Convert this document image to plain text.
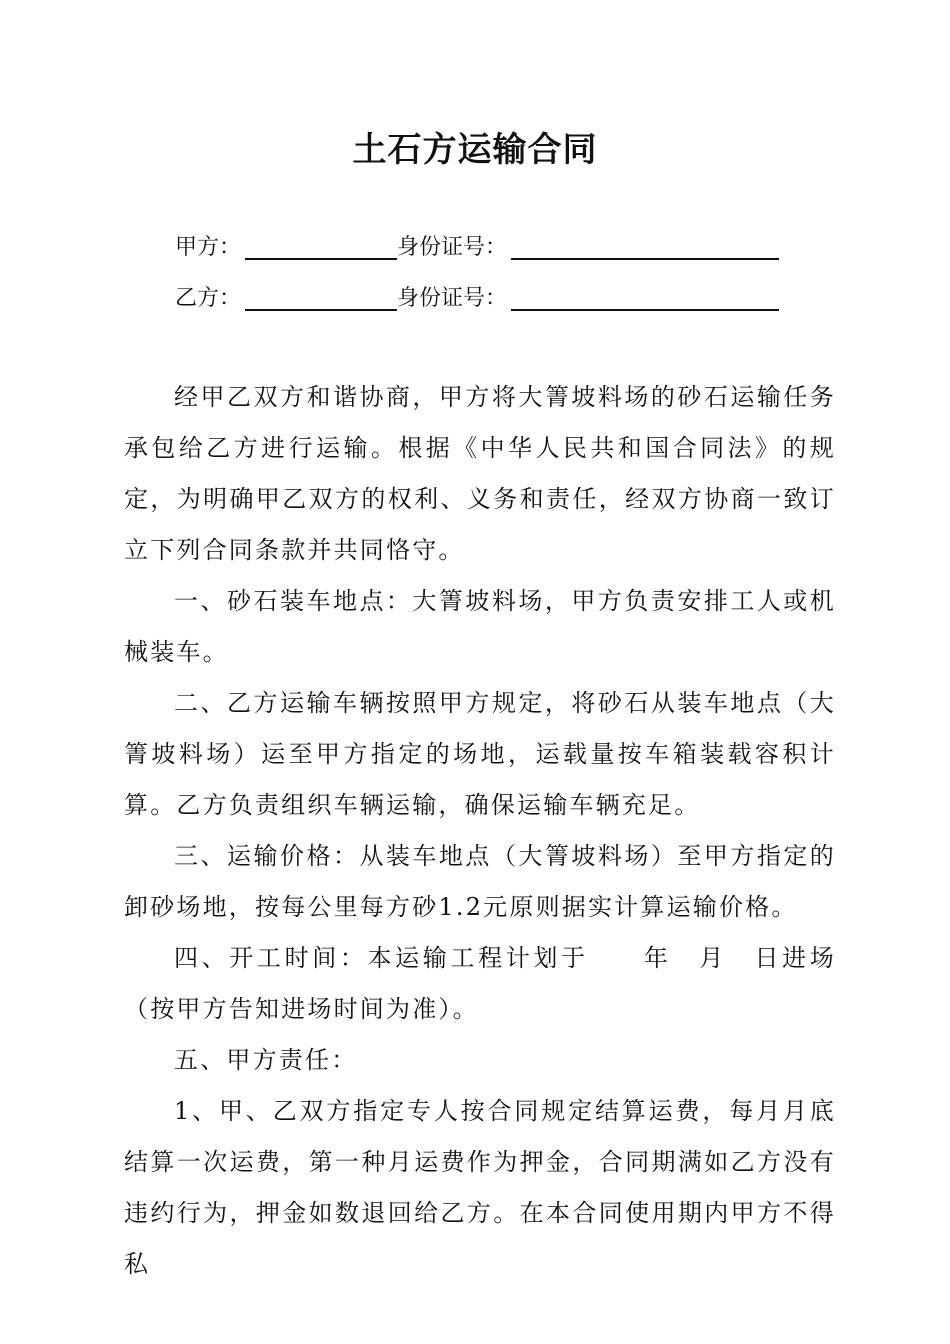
土石方运输合同
甲方：	身份证号：
乙方：	身份证号：

经甲乙双方和谐协商，甲方将大箐坡料场的砂石运输任务承包给乙方进行运输。根据《中华人民共和国合同法》的规定，为明确甲乙双方的权利、义务和责任，经双方协商一致订立下列合同条款并共同恪守。

一、砂石装车地点：大箐坡料场，甲方负责安排工人或机械装车。

二、乙方运输车辆按照甲方规定，将砂石从装车地点（大箐坡料场）运至甲方指定的场地，运载量按车箱装载容积计算。乙方负责组织车辆运输，确保运输车辆充足。

三、运输价格：从装车地点（大箐坡料场）至甲方指定的卸砂场地，按每公里每方砂1.2元原则据实计算运输价格。

四、开工时间：本运输工程计划于　　年　月　日进场（按甲方告知进场时间为准）。

五、甲方责任：

1、甲、乙双方指定专人按合同规定结算运费，每月月底结算一次运费，第一种月运费作为押金，合同期满如乙方没有违约行为，押金如数退回给乙方。在本合同使用期内甲方不得私
